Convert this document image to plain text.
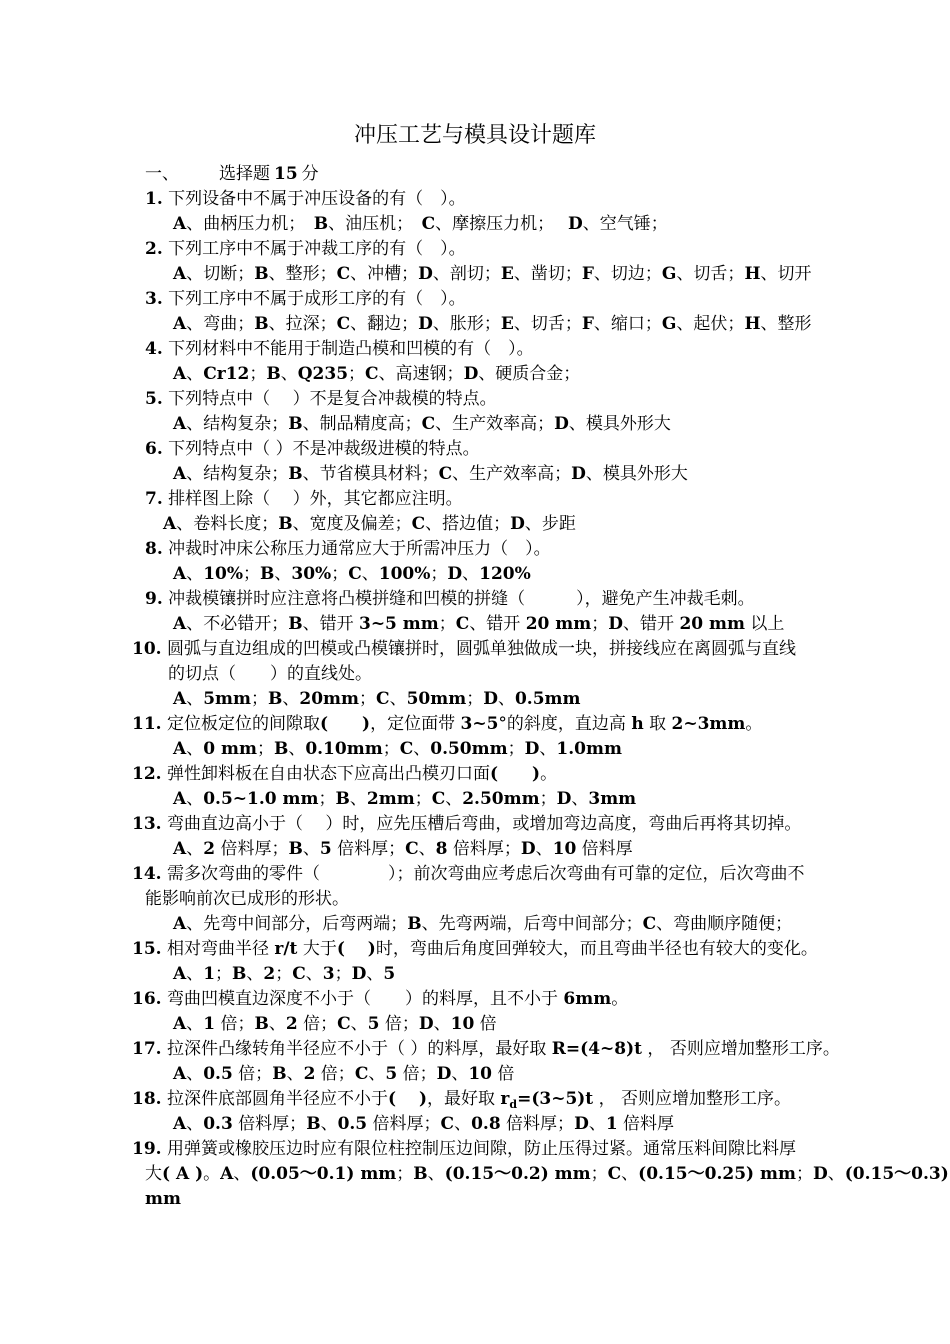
冲压工艺与模具设计题库
一、 选择题 15 分
1. 下列设备中不属于冲压设备的有（　）。
A、曲柄压力机；　B、油压机；　C、摩擦压力机；　 D、空气锤；
2. 下列工序中不属于冲裁工序的有（　）。
A、切断；B、整形；C、冲槽；D、剖切；E、凿切；F、切边；G、切舌；H、切开
3. 下列工序中不属于成形工序的有（　）。
A、弯曲；B、拉深；C、翻边；D、胀形；E、切舌；F、缩口；G、起伏；H、整形
4. 下列材料中不能用于制造凸模和凹模的有（　）。
A、Cr12；B、Q235；C、高速钢；D、硬质合金；
5. 下列特点中（　 ）不是复合冲裁模的特点。
A、结构复杂；B、制品精度高；C、生产效率高；D、模具外形大
6. 下列特点中（ ）不是冲裁级进模的特点。
A、结构复杂；B、节省模具材料；C、生产效率高；D、模具外形大
7. 排样图上除（　 ）外，其它都应注明。
A、卷料长度；B、宽度及偏差；C、搭边值；D、步距
8. 冲裁时冲床公称压力通常应大于所需冲压力（　）。
A、10%；B、30%；C、100%；D、120%
9. 冲裁模镶拼时应注意将凸模拼缝和凹模的拼缝（　　　），避免产生冲裁毛刺。
A、不必错开；B、错开 3~5 mm；C、错开 20 mm；D、错开 20 mm 以上
10. 圆弧与直边组成的凹模或凸模镶拼时，圆弧单独做成一块，拼接线应在离圆弧与直线
的切点（　　）的直线处。
A、5mm；B、20mm；C、50mm；D、0.5mm
11. 定位板定位的间隙取(　　)，定位面带 3~5°的斜度，直边高 h 取 2~3mm。
A、0 mm；B、0.10mm；C、0.50mm；D、1.0mm
12. 弹性卸料板在自由状态下应高出凸模刃口面(　　)。
A、0.5~1.0 mm；B、2mm；C、2.50mm；D、3mm
13. 弯曲直边高小于（　 ）时，应先压槽后弯曲，或增加弯边高度，弯曲后再将其切掉。
A、2 倍料厚；B、5 倍料厚；C、8 倍料厚；D、10 倍料厚
14. 需多次弯曲的零件（　　　　）；前次弯曲应考虑后次弯曲有可靠的定位，后次弯曲不
能影响前次已成形的形状。
A、先弯中间部分，后弯两端；B、先弯两端，后弯中间部分；C、弯曲顺序随便；
15. 相对弯曲半径 r/t 大于(　 )时，弯曲后角度回弹较大，而且弯曲半径也有较大的变化。
A、1；B、2；C、3；D、5
16. 弯曲凹模直边深度不小于（　　）的料厚，且不小于 6mm。
A、1 倍；B、2 倍；C、5 倍；D、10 倍
17. 拉深件凸缘转角半径应不小于（ ）的料厚，最好取 R=(4~8)t ， 否则应增加整形工序。
A、0.5 倍；B、2 倍；C、5 倍；D、10 倍
18. 拉深件底部圆角半径应不小于(　 )，最好取 $r_d=(3\sim 5)t$ ， 否则应增加整形工序。
A、0.3 倍料厚；B、0.5 倍料厚；C、0.8 倍料厚；D、1 倍料厚
19. 用弹簧或橡胶压边时应有限位柱控制压边间隙，防止压得过紧。通常压料间隙比料厚
大( A )。A、(0.05～0.1) mm；B、(0.15～0.2) mm；C、(0.15～0.25) mm；D、(0.15～0.3)
mm
